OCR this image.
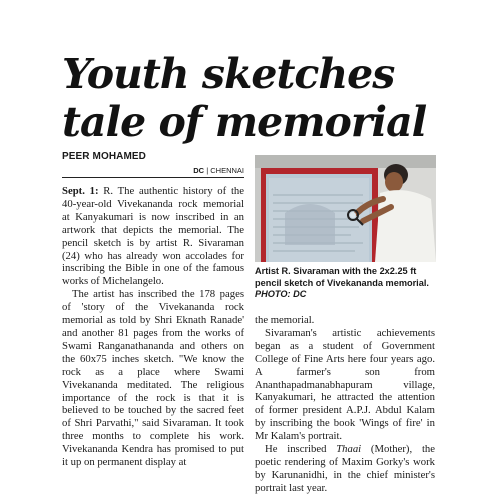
Youth sketches
tale of memorial
PEER MOHAMED
DC | CHENNAI

Sept. 1: R. The authentic history of the 40-year-old Vivekananda rock memorial at Kanyakumari is now inscribed in an artwork that depicts the memorial. The pencil sketch is by artist R. Sivaraman (24) who has already won accolades for inscribing the Bible in one of the famous works of Michelangelo.

The artist has inscribed the 178 pages of 'story of the Vivekananda rock memorial as told by Shri Eknath Ranade' and another 81 pages from the works of Swami Ranganathananda and others on the 60x75 inches sketch. "We know the rock as a place where Swami Vivekananda meditated. The religious importance of the rock is that it is believed to be touched by the sacred feet of Shri Parvathi," said Sivaraman. It took three months to complete his work. Vivekananda Kendra has promised to put it up on permanent display at

Artist R. Sivaraman with the 2x2.25 ft pencil sketch of Vivekananda memorial. PHOTO: DC

the memorial.

Sivaraman's artistic achievements began as a student of Government College of Fine Arts here four years ago. A farmer's son from Ananthapadmanabhapuram village, Kanyakumari, he attracted the attention of former president A.P.J. Abdul Kalam by inscribing the book 'Wings of fire' in Mr Kalam's portrait.

He inscribed Thaai (Mother), the poetic rendering of Maxim Gorky's work by Karunanidhi, in the chief minister's portrait last year.
